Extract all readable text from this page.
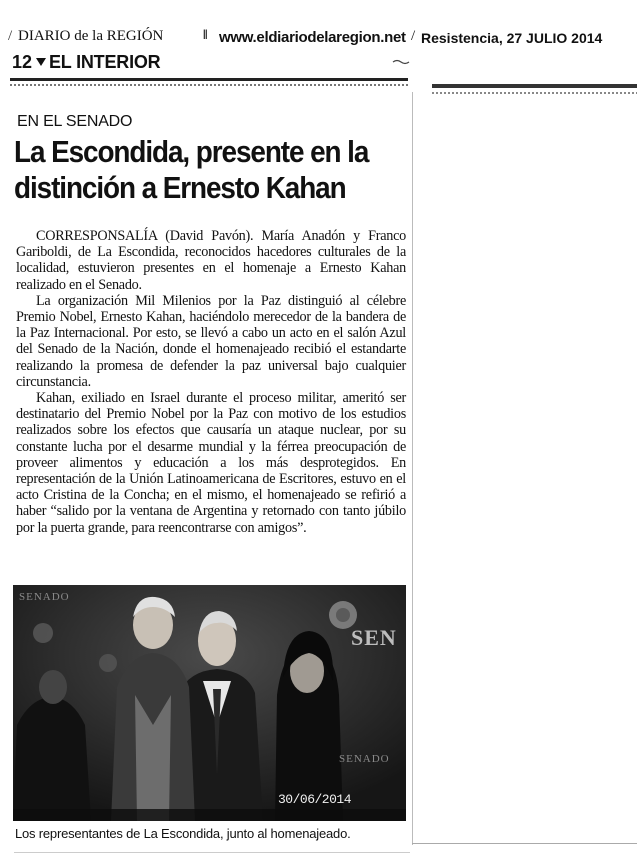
/ DIARIO de la REGIÓN	‖ www.eldiariodelaregion.net / Resistencia, 27 JULIO 2014
12 EL INTERIOR
EN EL SENADO
La Escondida, presente en la
distinción a Ernesto Kahan

CORRESPONSALÍA (David Pavón). María Anadón y Franco Gariboldi, de La Escondida, reconocidos hacedores culturales de la localidad, estuvieron presentes en el homenaje a Ernesto Kahan realizado en el Senado.

La organización Mil Milenios por la Paz distinguió al célebre Premio Nobel, Ernesto Kahan, haciéndolo merecedor de la bandera de la Paz Internacional. Por esto, se llevó a cabo un acto en el salón Azul del Senado de la Nación, donde el homenajeado recibió el estandarte realizando la promesa de defender la paz universal bajo cualquier circunstancia.

Kahan, exiliado en Israel durante el proceso militar, ameritó ser destinatario del Premio Nobel por la Paz con motivo de los estudios realizados sobre los efectos que causaría un ataque nuclear, por su constante lucha por el desarme mundial y la férrea preocupación de proveer alimentos y educación a los más desprotegidos. En representación de la Unión Latinoamericana de Escritores, estuvo en el acto Cristina de la Concha; en el mismo, el homenajeado se refirió a haber “salido por la ventana de Argentina y retornado con tanto júbilo por la puerta grande, para reencontrarse con amigos”.

SENADO
SEN
SENADO
30/06/2014
Los representantes de La Escondida, junto al homenajeado.
